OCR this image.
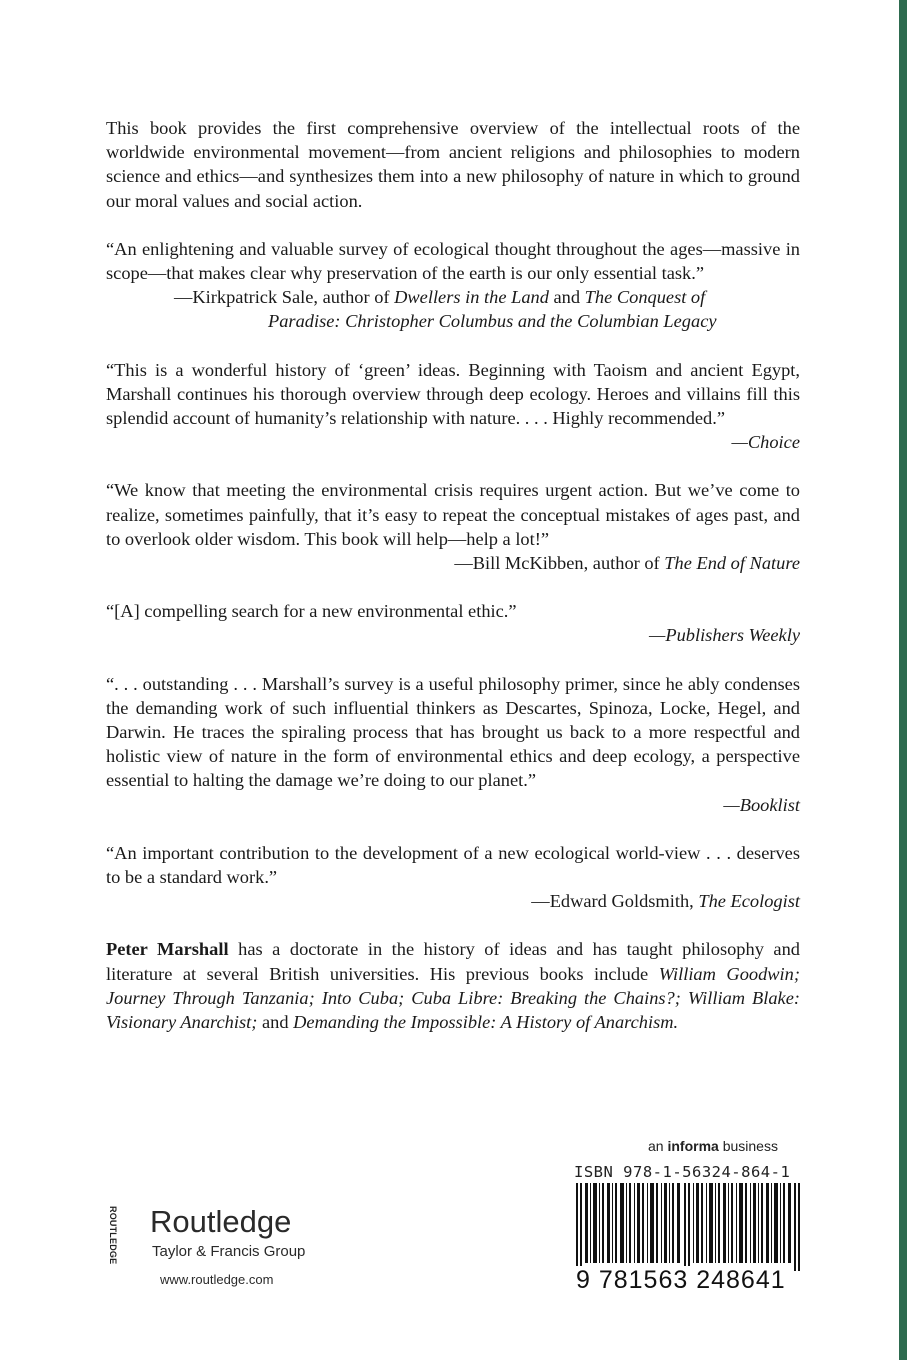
This book provides the first comprehensive overview of the intellectual roots of the worldwide environmental movement—from ancient religions and philosophies to modern science and ethics—and synthesizes them into a new philosophy of nature in which to ground our moral values and social action.

“An enlightening and valuable survey of ecological thought throughout the ages—massive in scope—that makes clear why preservation of the earth is our only essential task.”

—Kirkpatrick Sale, author of Dwellers in the Land and The Conquest of

Paradise: Christopher Columbus and the Columbian Legacy

“This is a wonderful history of ‘green’ ideas. Beginning with Taoism and ancient Egypt, Marshall continues his thorough overview through deep ecology. Heroes and villains fill this splendid account of humanity’s relationship with nature. . . . Highly recommended.”

—Choice

“We know that meeting the environmental crisis requires urgent action. But we’ve come to realize, sometimes painfully, that it’s easy to repeat the conceptual mistakes of ages past, and to overlook older wisdom. This book will help—help a lot!”

—Bill McKibben, author of The End of Nature

“[A] compelling search for a new environmental ethic.”

—Publishers Weekly

“. . . outstanding . . . Marshall’s survey is a useful philosophy primer, since he ably condenses the demanding work of such influential thinkers as Descartes, Spinoza, Locke, Hegel, and Darwin. He traces the spiraling process that has brought us back to a more respectful and holistic view of nature in the form of environmental ethics and deep ecology, a perspective essential to halting the damage we’re doing to our planet.”

—Booklist

“An important contribution to the development of a new ecological world-view . . . deserves to be a standard work.”

—Edward Goldsmith, The Ecologist

Peter Marshall has a doctorate in the history of ideas and has taught philosophy and literature at several British universities. His previous books include William Goodwin; Journey Through Tanzania; Into Cuba; Cuba Libre: Breaking the Chains?; William Blake: Visionary Anarchist; and Demanding the Impossible: A History of Anarchism.

an informa business
ISBN 978-1-56324-864-1
9 781563 248641
ROUTLEDGE Routledge
Taylor & Francis Group
www.routledge.com
